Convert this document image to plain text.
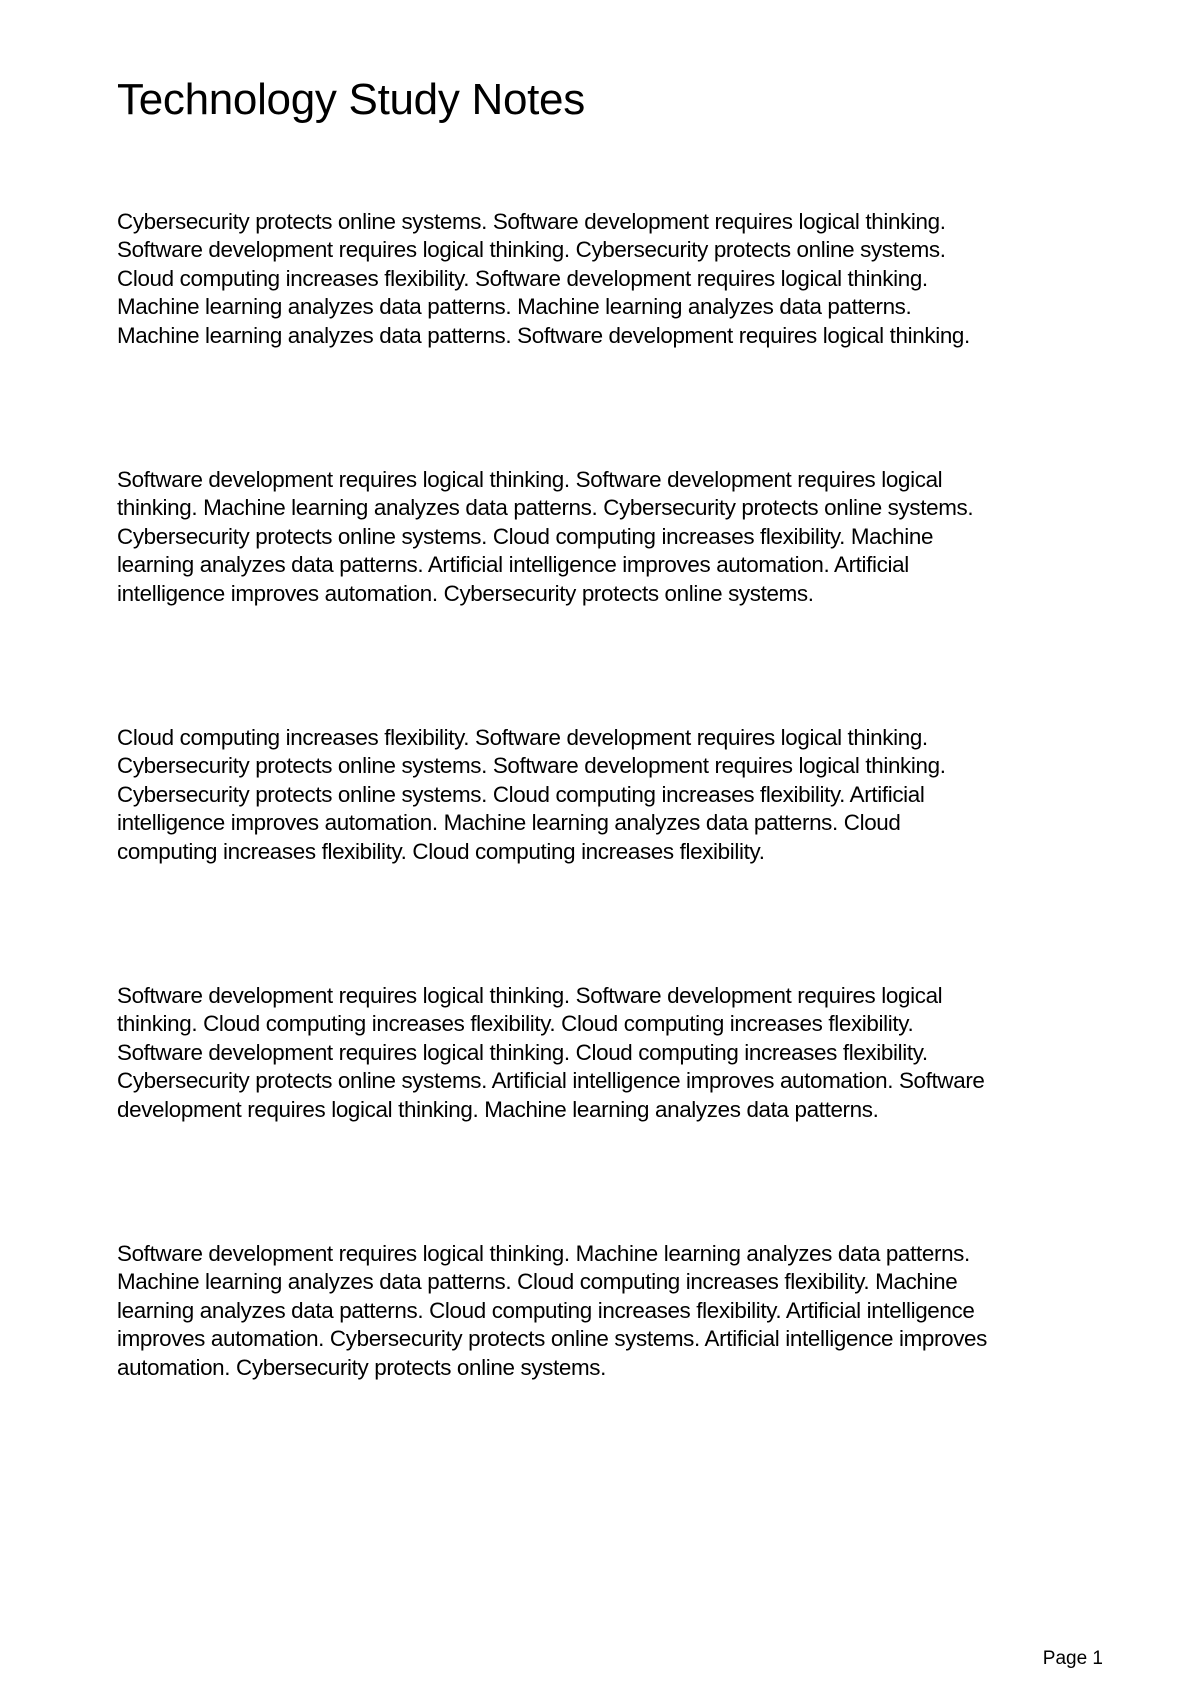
Technology Study Notes

Cybersecurity protects online systems. Software development requires logical thinking.
Software development requires logical thinking. Cybersecurity protects online systems.
Cloud computing increases flexibility. Software development requires logical thinking.
Machine learning analyzes data patterns. Machine learning analyzes data patterns.
Machine learning analyzes data patterns. Software development requires logical thinking.

Software development requires logical thinking. Software development requires logical
thinking. Machine learning analyzes data patterns. Cybersecurity protects online systems.
Cybersecurity protects online systems. Cloud computing increases flexibility. Machine
learning analyzes data patterns. Artificial intelligence improves automation. Artificial
intelligence improves automation. Cybersecurity protects online systems.

Cloud computing increases flexibility. Software development requires logical thinking.
Cybersecurity protects online systems. Software development requires logical thinking.
Cybersecurity protects online systems. Cloud computing increases flexibility. Artificial
intelligence improves automation. Machine learning analyzes data patterns. Cloud
computing increases flexibility. Cloud computing increases flexibility.

Software development requires logical thinking. Software development requires logical
thinking. Cloud computing increases flexibility. Cloud computing increases flexibility.
Software development requires logical thinking. Cloud computing increases flexibility.
Cybersecurity protects online systems. Artificial intelligence improves automation. Software
development requires logical thinking. Machine learning analyzes data patterns.

Software development requires logical thinking. Machine learning analyzes data patterns.
Machine learning analyzes data patterns. Cloud computing increases flexibility. Machine
learning analyzes data patterns. Cloud computing increases flexibility. Artificial intelligence
improves automation. Cybersecurity protects online systems. Artificial intelligence improves
automation. Cybersecurity protects online systems.

Page 1
